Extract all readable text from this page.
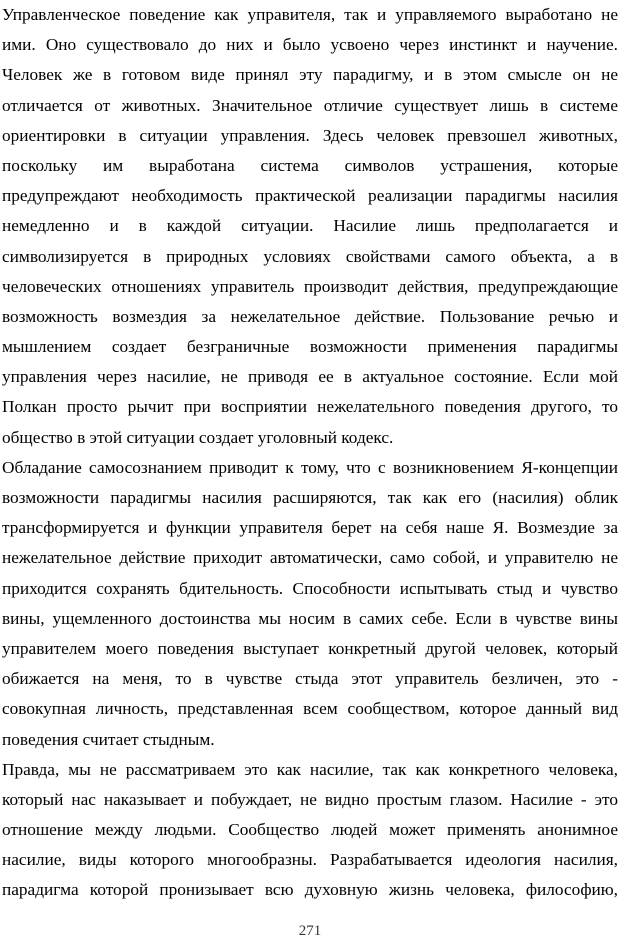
Управленческое поведение как управителя, так и управляемого выработано не
ими. Оно существовало до них и было усвоено через инстинкт и научение.
Человек же в готовом виде принял эту парадигму, и в этом смысле он не
отличается от животных. Значительное отличие существует лишь в системе
ориентировки в ситуации управления. Здесь человек превзошел животных,
поскольку им выработана система символов устрашения, которые
предупреждают необходимость практической реализации парадигмы насилия
немедленно и в каждой ситуации. Насилие лишь предполагается и
символизируется в природных условиях свойствами самого объекта, а в
человеческих отношениях управитель производит действия, предупреждающие
возможность возмездия за нежелательное действие. Пользование речью и
мышлением создает безграничные возможности применения парадигмы
управления через насилие, не приводя ее в актуальное состояние. Если мой
Полкан просто рычит при восприятии нежелательного поведения другого, то
общество в этой ситуации создает уголовный кодекс.
Обладание самосознанием приводит к тому, что с возникновением Я-концепции
возможности парадигмы насилия расширяются, так как его (насилия) облик
трансформируется и функции управителя берет на себя наше Я. Возмездие за
нежелательное действие приходит автоматически, само собой, и управителю не
приходится сохранять бдительность. Способности испытывать стыд и чувство
вины, ущемленного достоинства мы носим в самих себе. Если в чувстве вины
управителем моего поведения выступает конкретный другой человек, который
обижается на меня, то в чувстве стыда этот управитель безличен, это -
совокупная личность, представленная всем сообществом, которое данный вид
поведения считает стыдным.
Правда, мы не рассматриваем это как насилие, так как конкретного человека,
который нас наказывает и побуждает, не видно простым глазом. Насилие - это
отношение между людьми. Сообщество людей может применять анонимное
насилие, виды которого многообразны. Разрабатывается идеология насилия,
парадигма которой пронизывает всю духовную жизнь человека, философию,
271
